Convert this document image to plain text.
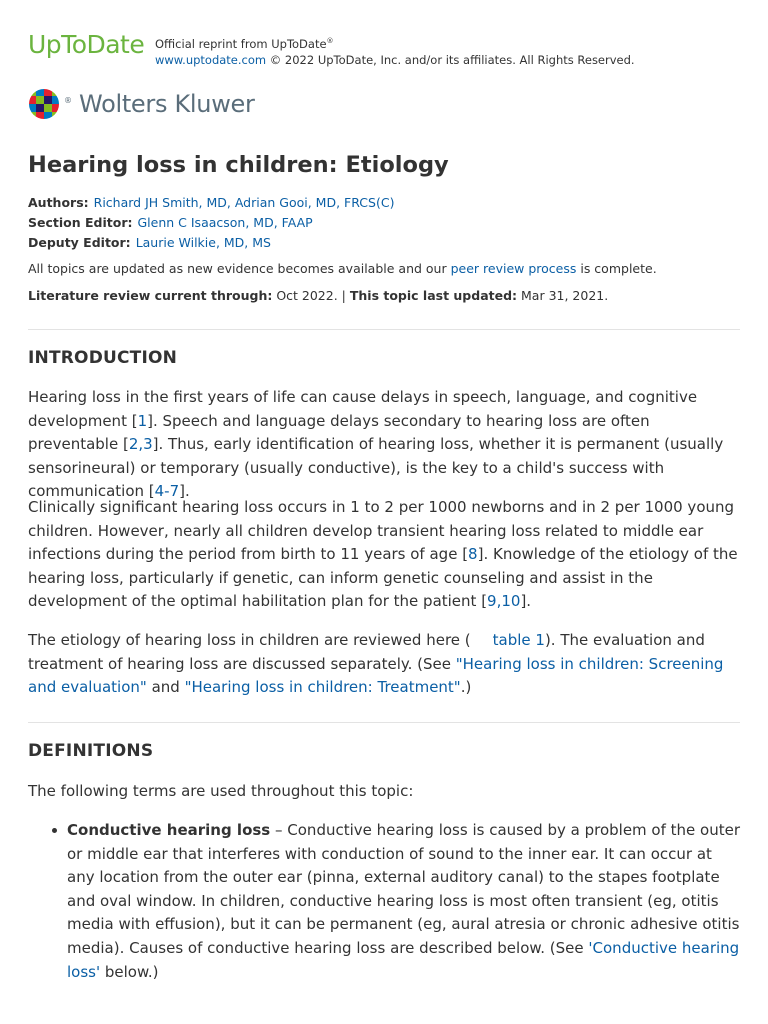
UpToDate Official reprint from UpToDate®
www.uptodate.com © 2022 UpToDate, Inc. and/or its affiliates. All Rights Reserved.
® Wolters Kluwer
Hearing loss in children: Etiology
Authors: Richard JH Smith, MD, Adrian Gooi, MD, FRCS(C)
Section Editor: Glenn C Isaacson, MD, FAAP
Deputy Editor: Laurie Wilkie, MD, MS
All topics are updated as new evidence becomes available and our peer review process is complete.
Literature review current through: Oct 2022. | This topic last updated: Mar 31, 2021.
INTRODUCTION

Hearing loss in the first years of life can cause delays in speech, language, and cognitive development [1]. Speech and language delays secondary to hearing loss are often preventable [2,3]. Thus, early identification of hearing loss, whether it is permanent (usually sensorineural) or temporary (usually conductive), is the key to a child's success with communication [4-7].

Clinically significant hearing loss occurs in 1 to 2 per 1000 newborns and in 2 per 1000 young children. However, nearly all children develop transient hearing loss related to middle ear infections during the period from birth to 11 years of age [8]. Knowledge of the etiology of the hearing loss, particularly if genetic, can inform genetic counseling and assist in the development of the optimal habilitation plan for the patient [9,10].

The etiology of hearing loss in children are reviewed here ( table 1). The evaluation and treatment of hearing loss are discussed separately. (See "Hearing loss in children: Screening and evaluation" and "Hearing loss in children: Treatment".)

DEFINITIONS

The following terms are used throughout this topic:

Conductive hearing loss – Conductive hearing loss is caused by a problem of the outer or middle ear that interferes with conduction of sound to the inner ear. It can occur at any location from the outer ear (pinna, external auditory canal) to the stapes footplate and oval window. In children, conductive hearing loss is most often transient (eg, otitis media with effusion), but it can be permanent (eg, aural atresia or chronic adhesive otitis media). Causes of conductive hearing loss are described below. (See 'Conductive hearing loss' below.)
